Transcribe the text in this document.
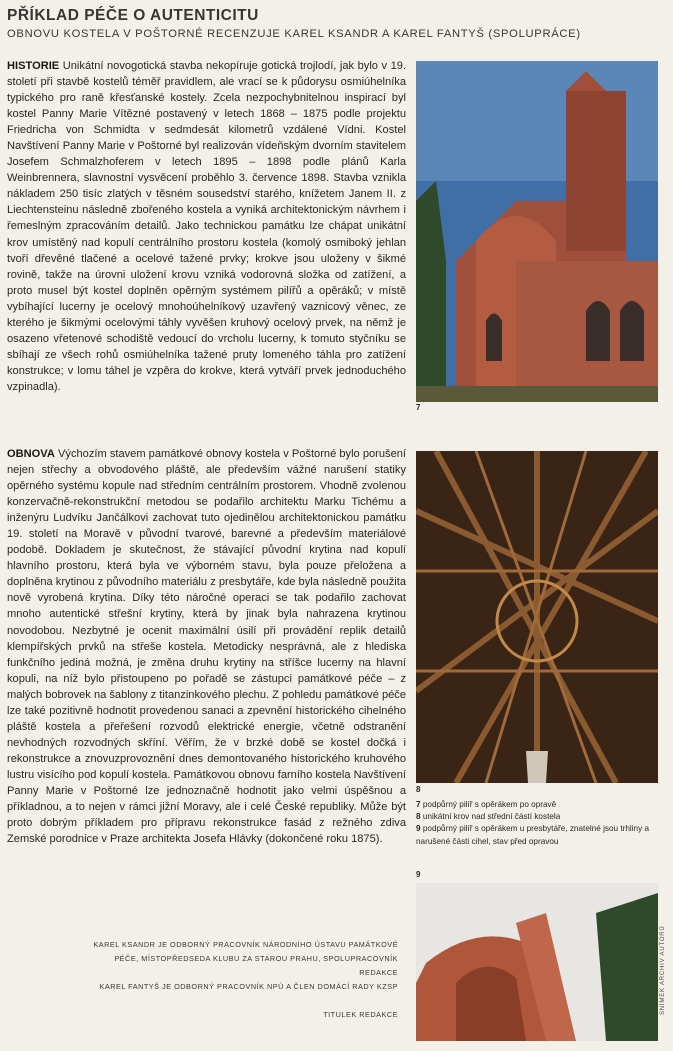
PŘÍKLAD PÉČE O AUTENTICITU
OBNOVU KOSTELA V POŠTORNÉ RECENZUJE KAREL KSANDR A KAREL FANTYŠ (SPOLUPRÁCE)
HISTORIE Unikátní novogotická stavba nekopíruje gotická trojlodí, jak bylo v 19. století při stavbě kostelů téměř pravidlem, ale vrací se k půdorysu osmiúhelníka typického pro raně křesťanské kostely. Zcela nezpochybnitelnou inspirací byl kostel Panny Marie Vítězné postavený v letech 1868 – 1875 podle projektu Friedricha von Schmidta v sedmdesát kilometrů vzdálené Vídni. Kostel Navštívení Panny Marie v Poštorné byl realizován vídeňským dvorním stavitelem Josefem Schmalzhoferem v letech 1895 – 1898 podle plánů Karla Weinbrennera, slavnostní vysvěcení proběhlo 3. července 1898. Stavba vznikla nákladem 250 tisíc zlatých v těsném sousedství starého, knížetem Janem II. z Liechtensteinu následně zbořeného kostela a vyniká architektonickým návrhem i řemeslným zpracováním detailů. Jako technickou památku lze chápat unikátní krov umístěný nad kopulí centrálního prostoru kostela (komolý osmiboký jehlan tvoří dřevěné tlačené a ocelové tažené prvky; krokve jsou uloženy v šikmé rovině, takže na úrovni uložení krovu vzniká vodorovná složka od zatížení, a proto musel být kostel doplněn opěrným systémem pilířů a opěráků; v místě vybíhající lucerny je ocelový mnohoúhelníkový uzavřený vaznicový věnec, ze kterého je šikmými ocelovými táhly vyvěšen kruhový ocelový prvek, na němž je osazeno vřetenové schodiště vedoucí do vrcholu lucerny, k tomuto styčníku se sbíhají ze všech rohů osmiúhelníka tažené pruty lomeného táhla pro zatížení konstrukce; v lomu táhel je vzpěra do krokve, která vytváří prvek jednoduchého vzpinadla).
OBNOVA Výchozím stavem památkové obnovy kostela v Poštorné bylo porušení nejen střechy a obvodového pláště, ale především vážné narušení statiky opěrného systému kopule nad středním centrálním prostorem. Vhodně zvolenou konzervačně-rekonstrukční metodou se podařilo architektu Marku Tichému a inženýru Ludvíku Jančálkovi zachovat tuto ojedinělou architektonickou památku 19. století na Moravě v původní tvarové, barevné a především materiálové podobě. Dokladem je skutečnost, že stávající původní krytina nad kopulí hlavního prostoru, která byla ve výborném stavu, byla pouze přeložena a doplněna krytinou z původního materiálu z presbytáře, kde byla následně použita nově vyrobená krytina. Díky této náročné operaci se tak podařilo zachovat mnoho autentické střešní krytiny, která by jinak byla nahrazena krytinou novodobou. Nezbytné je ocenit maximální úsilí při provádění replik detailů klempířských prvků na střeše kostela. Metodicky nesprávná, ale z hlediska funkčního jediná možná, je změna druhu krytiny na stříšce lucerny na hlavní kopuli, na níž bylo přistoupeno po pořadě se zástupci památkové péče – z malých bobrovek na šablony z titanzinkového plechu. Z pohledu památkové péče lze také pozitivně hodnotit provedenou sanaci a zpevnění historického cihelného pláště kostela a přeřešení rozvodů elektrické energie, včetně odstranění nevhodných rozvodných skříní. Věřím, že v brzké době se kostel dočká i rekonstrukce a znovuzprovoznění dnes demontovaného historického kruhového lustru visícího pod kopulí kostela. Památkovou obnovu farního kostela Navštívení Panny Marie v Poštorné lze jednoznačně hodnotit jako velmi úspěšnou a příkladnou, a to nejen v rámci jižní Moravy, ale i celé České republiky. Může být proto dobrým příkladem pro přípravu rekonstrukce fasád z režného zdiva Zemské porodnice v Praze architekta Josefa Hlávky (dokončené roku 1875).
KAREL KSANDR JE ODBORNÝ PRACOVNÍK NÁRODNÍHO ÚSTAVU PAMÁTKOVÉ PÉČE, MÍSTOPŘEDSEDA KLUBU ZA STAROU PRAHU, SPOLUPRACOVNÍK REDAKCE
KAREL FANTYŠ JE ODBORNÝ PRACOVNÍK NPÚ A ČLEN DOMÁCÍ RADY KZSP
TITULEK REDAKCE
7
8
7 podpůrný pilíř s opěrákem po opravě
8 unikátní krov nad střední částí kostela
9 podpůrný pilíř s opěrákem u presbytáře, znatelné jsou trhliny a narušené části cihel, stav před opravou
9
SNÍMEK ARCHIV AUTORŮ
